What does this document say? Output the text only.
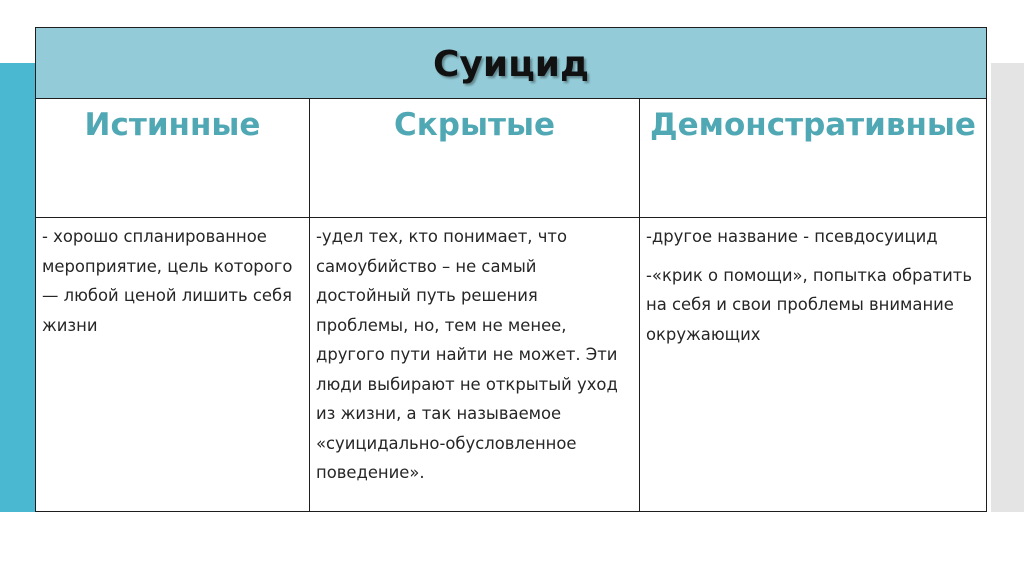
Суицид
Истинные

- хорошо спланированное мероприятие, цель которого — любой ценой лишить себя жизни

Скрытые

-удел тех, кто понимает, что самоубийство – не самый достойный путь решения проблемы, но, тем не менее, другого пути найти не может. Эти люди выбирают не открытый уход из жизни, а так называемое «суицидально-обусловленное поведение».

Демонстративные

-другое название - псевдосуицид

-«крик о помощи», попытка обратить на себя и свои проблемы внимание окружающих
